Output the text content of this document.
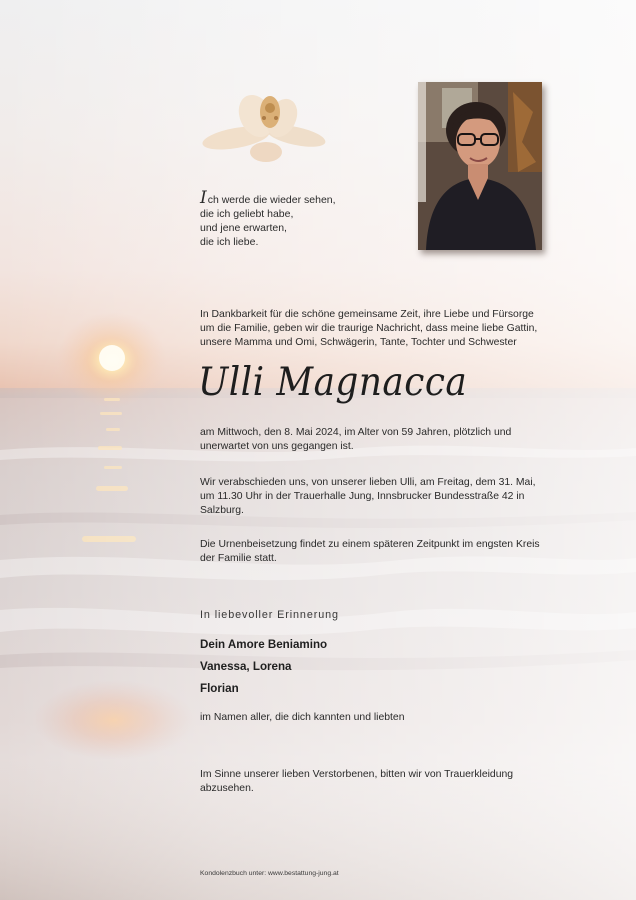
Ich werde die wieder sehen,
die ich geliebt habe,
und jene erwarten,
die ich liebe.
In Dankbarkeit für die schöne gemeinsame Zeit, ihre Liebe und Fürsorge
um die Familie, geben wir die traurige Nachricht, dass meine liebe Gattin,
unsere Mamma und Omi, Schwägerin, Tante, Tochter und Schwester
Ulli Magnacca
am Mittwoch, den 8. Mai 2024, im Alter von 59 Jahren, plötzlich und
unerwartet von uns gegangen ist.
Wir verabschieden uns, von unserer lieben Ulli, am Freitag, dem 31. Mai,
um 11.30 Uhr in der Trauerhalle Jung, Innsbrucker Bundesstraße 42 in
Salzburg.
Die Urnenbeisetzung findet zu einem späteren Zeitpunkt im engsten Kreis
der Familie statt.
In liebevoller Erinnerung
Dein Amore Beniamino
Vanessa, Lorena
Florian
im Namen aller, die dich kannten und liebten
Im Sinne unserer lieben Verstorbenen, bitten wir von Trauerkleidung
abzusehen.
Kondolenzbuch unter: www.bestattung-jung.at
